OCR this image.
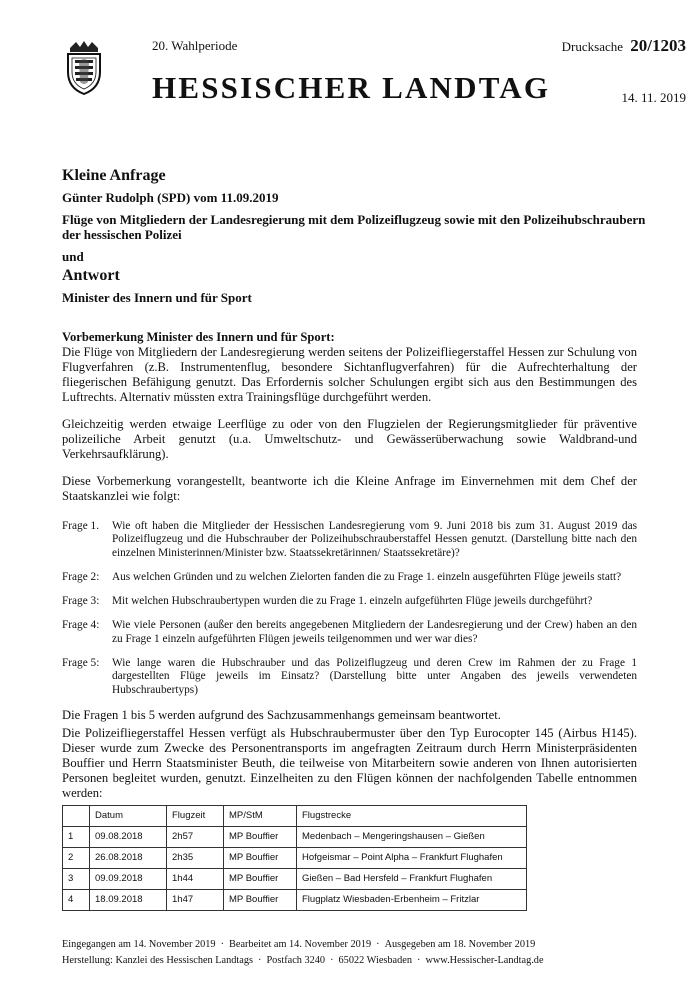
20. Wahlperiode	Drucksache 20/1203
HESSISCHER LANDTAG	14. 11. 2019
Kleine Anfrage
Günter Rudolph (SPD) vom 11.09.2019
Flüge von Mitgliedern der Landesregierung mit dem Polizeiflugzeug sowie mit den Polizeihubschraubern der hessischen Polizei
und
Antwort
Minister des Innern und für Sport
Vorbemerkung Minister des Innern und für Sport:

Die Flüge von Mitgliedern der Landesregierung werden seitens der Polizeifliegerstaffel Hessen zur Schulung von Flugverfahren (z.B. Instrumentenflug, besondere Sichtanflugverfahren) für die Aufrechterhaltung der fliegerischen Befähigung genutzt. Das Erfordernis solcher Schulungen ergibt sich aus den Bestimmungen des Luftrechts. Alternativ müssten extra Trainingsflüge durchgeführt werden.

Gleichzeitig werden etwaige Leerflüge zu oder von den Flugzielen der Regierungsmitglieder für präventive polizeiliche Arbeit genutzt (u.a. Umweltschutz- und Gewässerüberwachung sowie Waldbrand-und Verkehrsaufklärung).

Diese Vorbemerkung vorangestellt, beantworte ich die Kleine Anfrage im Einvernehmen mit dem Chef der Staatskanzlei wie folgt:

Frage 1.	Wie oft haben die Mitglieder der Hessischen Landesregierung vom 9. Juni 2018 bis zum 31. August 2019 das Polizeiflugzeug und die Hubschrauber der Polizeihubschrauberstaffel Hessen genutzt. (Darstellung bitte nach den einzelnen Ministerinnen/Minister bzw. Staatssekretärinnen/ Staatssekretäre)?
Frage 2:	Aus welchen Gründen und zu welchen Zielorten fanden die zu Frage 1. einzeln ausgeführten Flüge jeweils statt?
Frage 3:	Mit welchen Hubschraubertypen wurden die zu Frage 1. einzeln aufgeführten Flüge jeweils durchgeführt?
Frage 4:	Wie viele Personen (außer den bereits angegebenen Mitgliedern der Landesregierung und der Crew) haben an den zu Frage 1 einzeln aufgeführten Flügen jeweils teilgenommen und wer war dies?
Frage 5:	Wie lange waren die Hubschrauber und das Polizeiflugzeug und deren Crew im Rahmen der zu Frage 1 dargestellten Flüge jeweils im Einsatz? (Darstellung bitte unter Angaben des jeweils verwendeten Hubschraubertyps)

Die Fragen 1 bis 5 werden aufgrund des Sachzusammenhangs gemeinsam beantwortet.

Die Polizeifliegerstaffel Hessen verfügt als Hubschraubermuster über den Typ Eurocopter 145 (Airbus H145). Dieser wurde zum Zwecke des Personentransports im angefragten Zeitraum durch Herrn Ministerpräsidenten Bouffier und Herrn Staatsminister Beuth, die teilweise von Mitarbeitern sowie anderen von Ihnen autorisierten Personen begleitet wurden, genutzt. Einzelheiten zu den Flügen können der nachfolgenden Tabelle entnommen werden:

	Datum	Flugzeit	MP/StM	Flugstrecke
1	09.08.2018	2h57	MP Bouffier	Medenbach – Mengeringshausen – Gießen
2	26.08.2018	2h35	MP Bouffier	Hofgeismar – Point Alpha – Frankfurt Flughafen
3	09.09.2018	1h44	MP Bouffier	Gießen – Bad Hersfeld – Frankfurt Flughafen
4	18.09.2018	1h47	MP Bouffier	Flugplatz Wiesbaden-Erbenheim – Fritzlar
Eingegangen am 14. November 2019 · Bearbeitet am 14. November 2019 · Ausgegeben am 18. November 2019
Herstellung: Kanzlei des Hessischen Landtags · Postfach 3240 · 65022 Wiesbaden · www.Hessischer-Landtag.de
